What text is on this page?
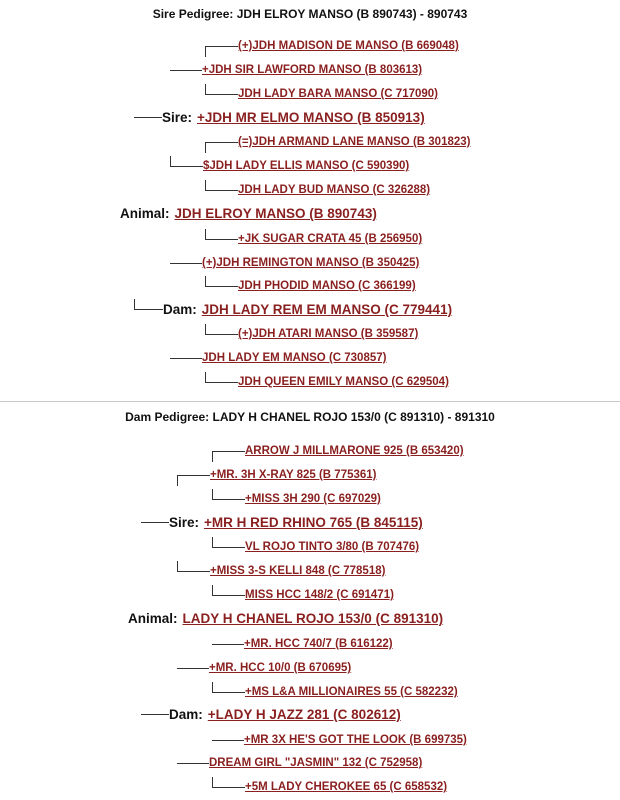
Sire Pedigree: JDH ELROY MANSO (B 890743) - 890743
(+)JDH MADISON DE MANSO (B 669048)
+JDH SIR LAWFORD MANSO (B 803613)
JDH LADY BARA MANSO (C 717090)
Sire: +JDH MR ELMO MANSO (B 850913)
(=)JDH ARMAND LANE MANSO (B 301823)
$JDH LADY ELLIS MANSO (C 590390)
JDH LADY BUD MANSO (C 326288)
Animal: JDH ELROY MANSO (B 890743)
+JK SUGAR CRATA 45 (B 256950)
(+)JDH REMINGTON MANSO (B 350425)
JDH PHODID MANSO (C 366199)
Dam: JDH LADY REM EM MANSO (C 779441)
(+)JDH ATARI MANSO (B 359587)
JDH LADY EM MANSO (C 730857)
JDH QUEEN EMILY MANSO (C 629504)
Dam Pedigree: LADY H CHANEL ROJO 153/0 (C 891310) - 891310
ARROW J MILLMARONE 925 (B 653420)
+MR. 3H X-RAY 825 (B 775361)
+MISS 3H 290 (C 697029)
Sire: +MR H RED RHINO 765 (B 845115)
VL ROJO TINTO 3/80 (B 707476)
+MISS 3-S KELLI 848 (C 778518)
MISS HCC 148/2 (C 691471)
Animal: LADY H CHANEL ROJO 153/0 (C 891310)
+MR. HCC 740/7 (B 616122)
+MR. HCC 10/0 (B 670695)
+MS L&A MILLIONAIRES 55 (C 582232)
Dam: +LADY H JAZZ 281 (C 802612)
+MR 3X HE'S GOT THE LOOK (B 699735)
DREAM GIRL "JASMIN" 132 (C 752958)
+5M LADY CHEROKEE 65 (C 658532)
